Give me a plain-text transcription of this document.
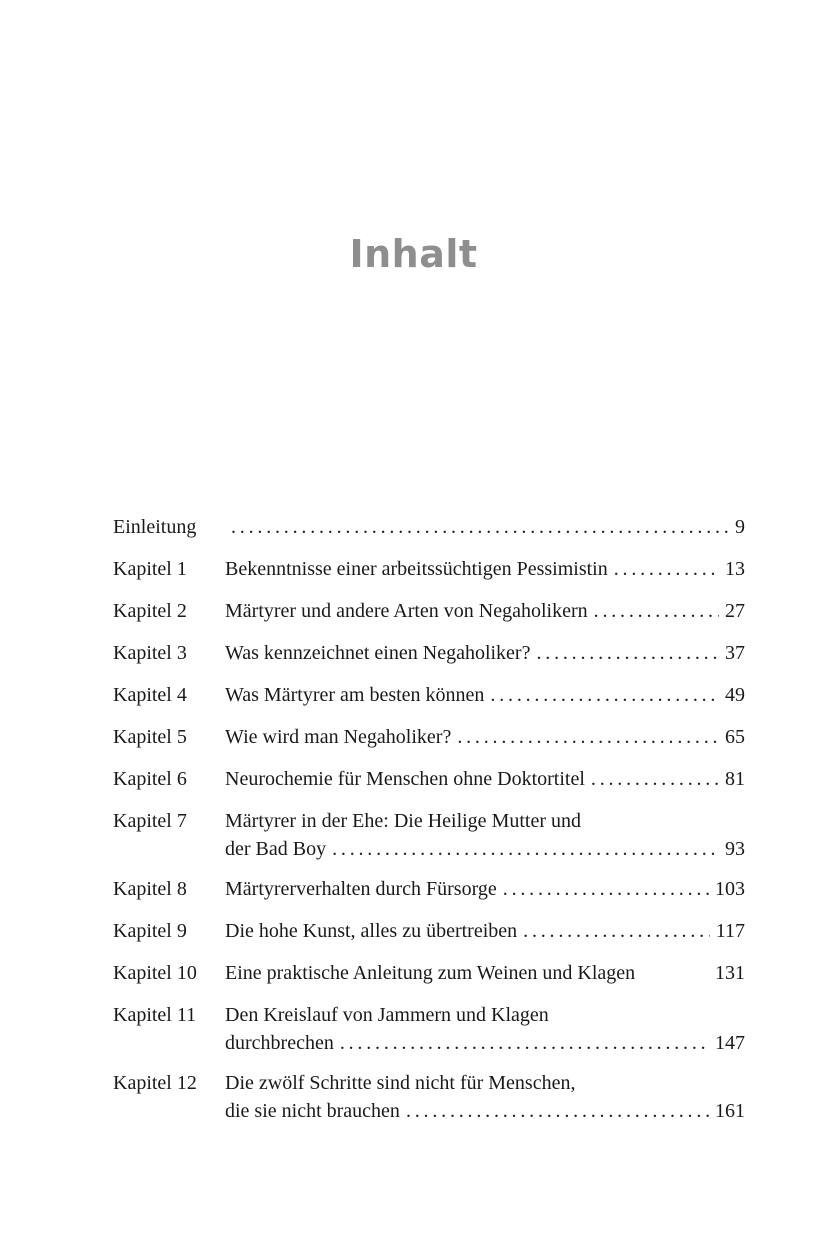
Inhalt
Einleitung . . .	9
Kapitel 1	Bekenntnisse einer arbeitssüchtigen Pessimistin . . .	13
Kapitel 2	Märtyrer und andere Arten von Negaholikern . . .	27
Kapitel 3	Was kennzeichnet einen Negaholiker? . . .	37
Kapitel 4	Was Märtyrer am besten können . . .	49
Kapitel 5	Wie wird man Negaholiker? . . .	65
Kapitel 6	Neurochemie für Menschen ohne Doktortitel . . .	81
Kapitel 7	Märtyrer in der Ehe: Die Heilige Mutter und
der Bad Boy . . .	93
Kapitel 8	Märtyrerverhalten durch Fürsorge . . .	103
Kapitel 9	Die hohe Kunst, alles zu übertreiben . . .	117
Kapitel 10	Eine praktische Anleitung zum Weinen und Klagen	131
Kapitel 11	Den Kreislauf von Jammern und Klagen
durchbrechen . . .	147
Kapitel 12	Die zwölf Schritte sind nicht für Menschen,
die sie nicht brauchen . . .	161
